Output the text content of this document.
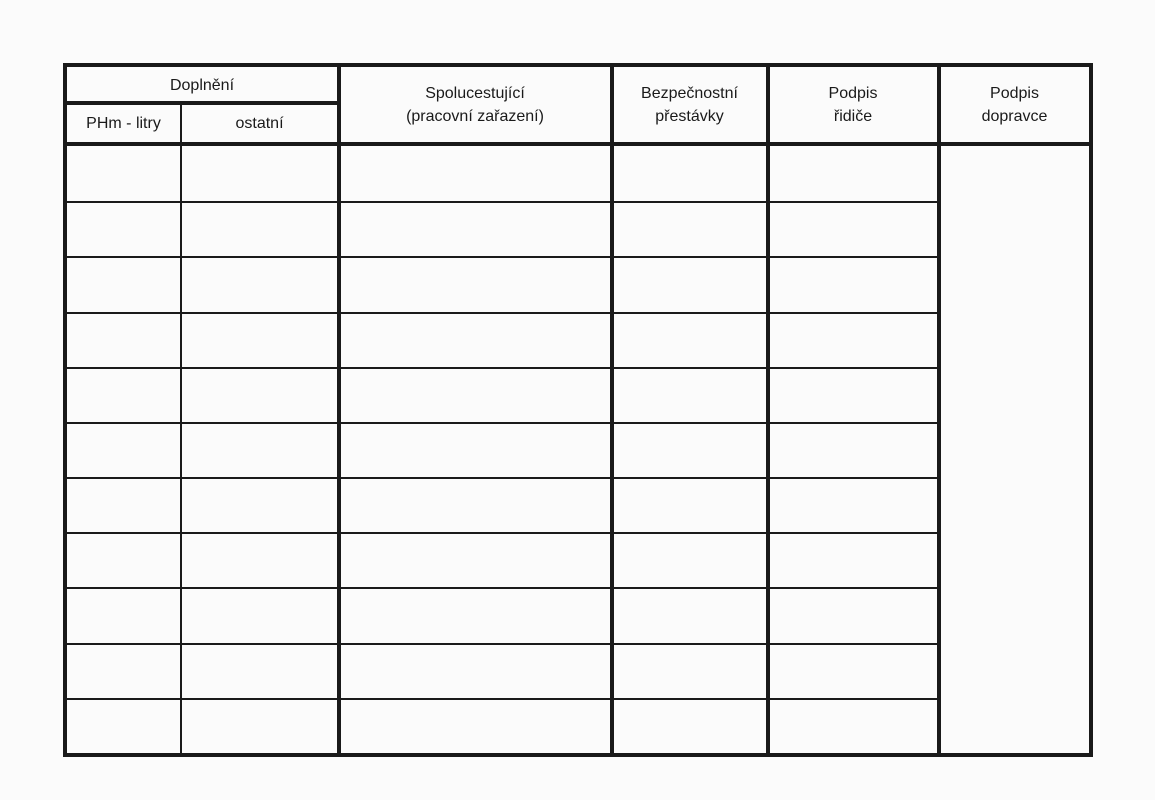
Doplnění
PHm - litry	ostatní
Spolucestující
(pracovní zařazení)
Bezpečnostní
přestávky
Podpis
řidiče
Podpis
dopravce
